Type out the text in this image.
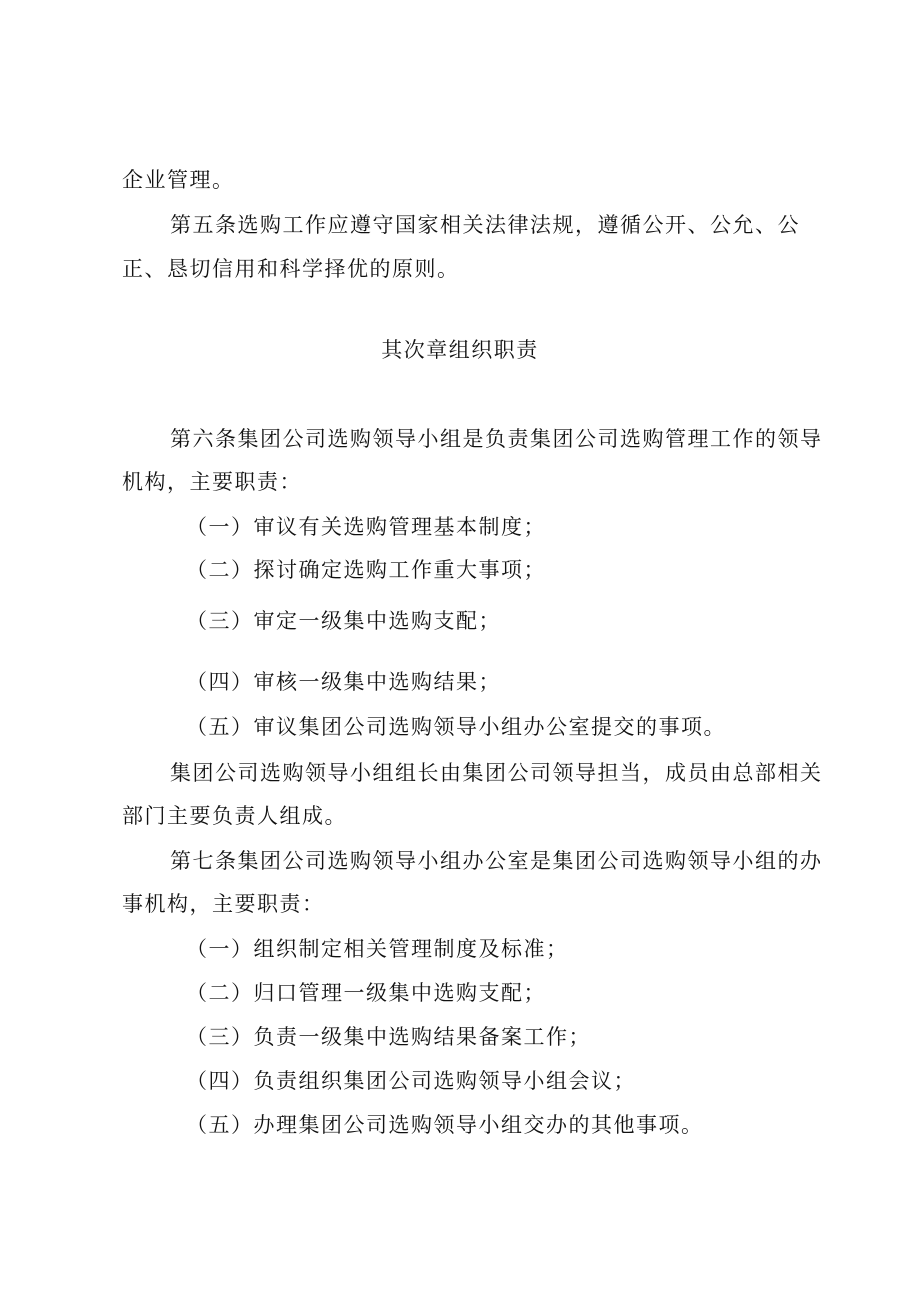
企业管理。
第五条选购工作应遵守国家相关法律法规，遵循公开、公允、公
正、恳切信用和科学择优的原则。
其次章组织职责
第六条集团公司选购领导小组是负责集团公司选购管理工作的领导
机构，主要职责：
（一）审议有关选购管理基本制度；
（二）探讨确定选购工作重大事项；
（三）审定一级集中选购支配；
（四）审核一级集中选购结果；
（五）审议集团公司选购领导小组办公室提交的事项。
集团公司选购领导小组组长由集团公司领导担当，成员由总部相关
部门主要负责人组成。
第七条集团公司选购领导小组办公室是集团公司选购领导小组的办
事机构，主要职责：
（一）组织制定相关管理制度及标准；
（二）归口管理一级集中选购支配；
（三）负责一级集中选购结果备案工作；
（四）负责组织集团公司选购领导小组会议；
（五）办理集团公司选购领导小组交办的其他事项。
